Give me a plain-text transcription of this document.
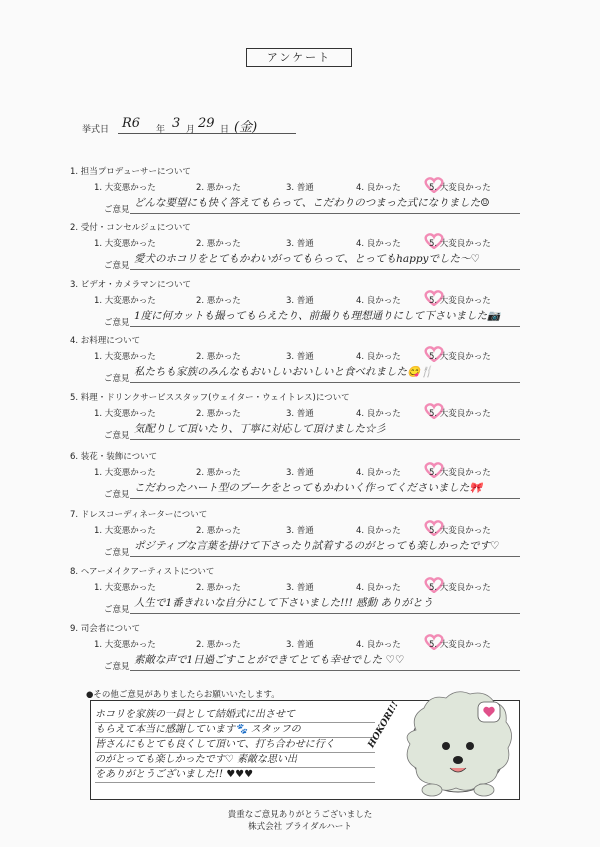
アンケート
挙式日 R6 年 3 月 29 日 (金)
1. 担当プロデューサーについて
1. 大変悪かった	2. 悪かった	3. 普通	4. 良かった	5. 大変良かった
ご意見
どんな要望にも快く答えてもらって、こだわりのつまった式になりました☺
2. 受付・コンセルジュについて
1. 大変悪かった	2. 悪かった	3. 普通	4. 良かった	5. 大変良かった
ご意見
愛犬のホコリをとてもかわいがってもらって、とってもhappyでした〜♡
3. ビデオ・カメラマンについて
1. 大変悪かった	2. 悪かった	3. 普通	4. 良かった	5. 大変良かった
ご意見
1度に何カットも撮ってもらえたり、前撮りも理想通りにして下さいました📷
4. お料理について
1. 大変悪かった	2. 悪かった	3. 普通	4. 良かった	5. 大変良かった
ご意見
私たちも家族のみんなもおいしいおいしいと食べれました😋🍴
5. 料理・ドリンクサービススタッフ(ウェイター・ウェイトレス)について
1. 大変悪かった	2. 悪かった	3. 普通	4. 良かった	5. 大変良かった
ご意見
気配りして頂いたり、丁寧に対応して頂けました☆彡
6. 装花・装飾について
1. 大変悪かった	2. 悪かった	3. 普通	4. 良かった	5. 大変良かった
ご意見
こだわったハート型のブーケをとってもかわいく作ってくださいました🎀
7. ドレスコーディネーターについて
1. 大変悪かった	2. 悪かった	3. 普通	4. 良かった	5. 大変良かった
ご意見
ポジティブな言葉を掛けて下さったり試着するのがとっても楽しかったです♡
8. ヘアーメイクアーティストについて
1. 大変悪かった	2. 悪かった	3. 普通	4. 良かった	5. 大変良かった
ご意見
人生で1番きれいな自分にして下さいました!!! 感動 ありがとう
9. 司会者について
1. 大変悪かった	2. 悪かった	3. 普通	4. 良かった	5. 大変良かった
ご意見
素敵な声で1日過ごすことができてとても幸せでした ♡♡
●その他ご意見がありましたらお願いいたします。
ホコリを家族の一員として結婚式に出させて
もらえて本当に感謝しています🐾 スタッフの
皆さんにもとても良くして頂いて、打ち合わせに行く
のがとっても楽しかったです♡ 素敵な思い出
をありがとうございました!! ♥♥♥
HOKORI!!
貴重なご意見ありがとうございました
株式会社 ブライダルハート
